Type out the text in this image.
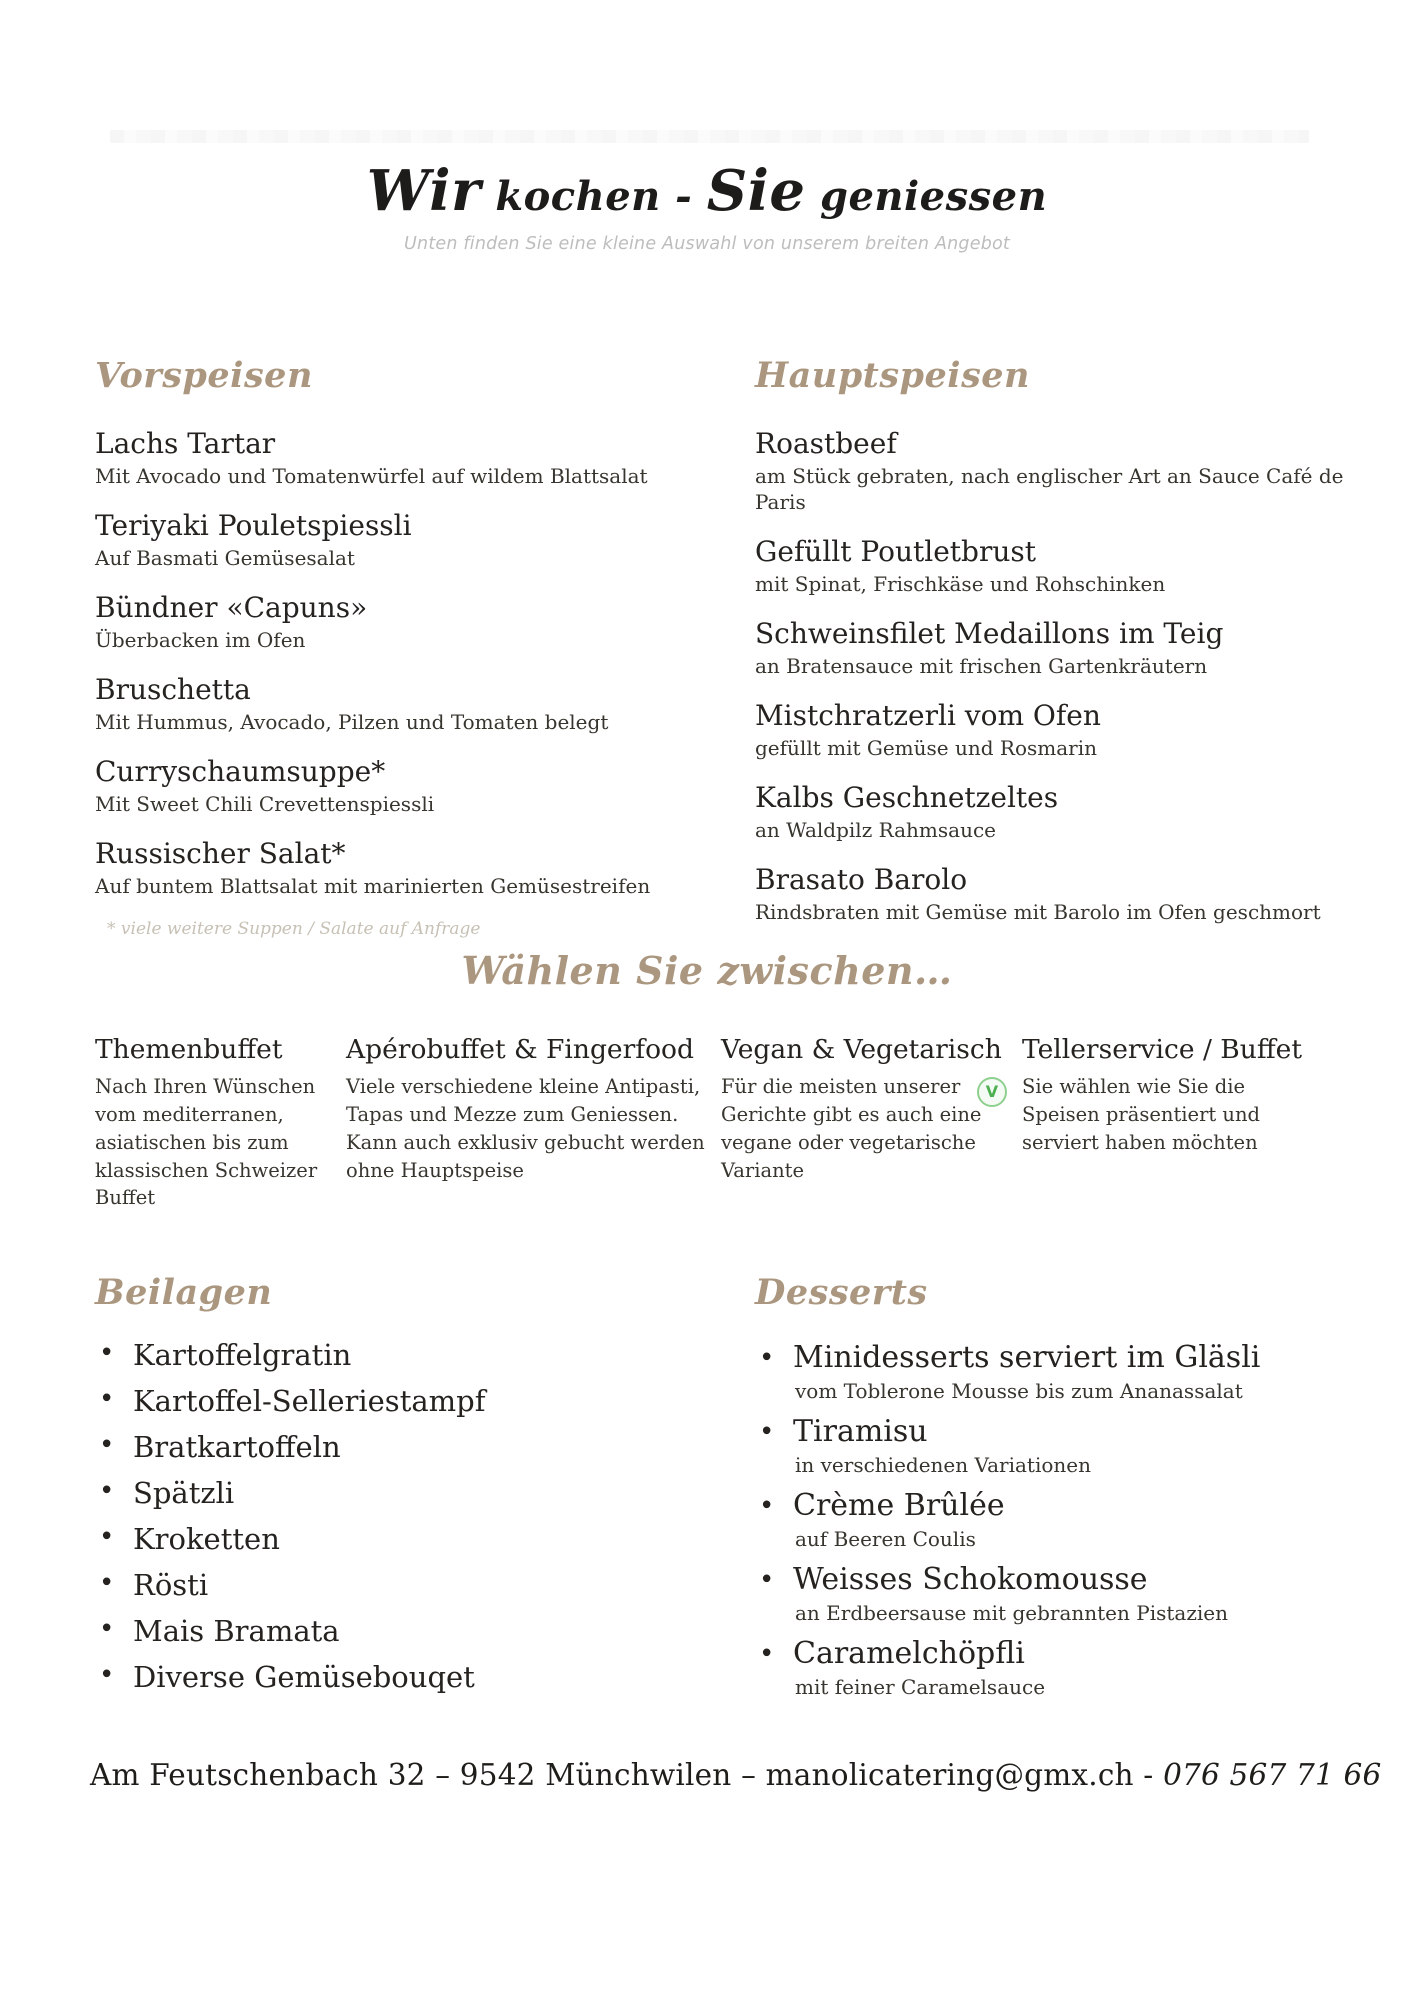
Wir kochen - Sie geniessen
Unten finden Sie eine kleine Auswahl von unserem breiten Angebot
Vorspeisen
Lachs Tartar
Mit Avocado und Tomatenwürfel auf wildem Blattsalat
Teriyaki Pouletspiessli
Auf Basmati Gemüsesalat
Bündner «Capuns»
Überbacken im Ofen
Bruschetta
Mit Hummus, Avocado, Pilzen und Tomaten belegt
Curryschaumsuppe*
Mit Sweet Chili Crevettenspiessli
Russischer Salat*
Auf buntem Blattsalat mit marinierten Gemüsestreifen
* viele weitere Suppen / Salate auf Anfrage
Hauptspeisen
Roastbeef
am Stück gebraten, nach englischer Art an Sauce Café de Paris
Gefüllt Poutletbrust
mit Spinat, Frischkäse und Rohschinken
Schweinsfilet Medaillons im Teig
an Bratensauce mit frischen Gartenkräutern
Mistchratzerli vom Ofen
gefüllt mit Gemüse und Rosmarin
Kalbs Geschnetzeltes
an Waldpilz Rahmsauce
Brasato Barolo
Rindsbraten mit Gemüse mit Barolo im Ofen geschmort
Wählen Sie zwischen…
Themenbuffet
Nach Ihren Wünschen vom mediterranen, asiatischen bis zum klassischen Schweizer Buffet
Apérobuffet & Fingerfood
Viele verschiedene kleine Antipasti, Tapas und Mezze zum Geniessen. Kann auch exklusiv gebucht werden ohne Hauptspeise
Vegan & Vegetarisch
Für die meisten unserer Gerichte gibt es auch eine vegane oder vegetarische Variante
V
Tellerservice / Buffet
Sie wählen wie Sie die Speisen präsentiert und serviert haben möchten
Beilagen
• Kartoffelgratin
• Kartoffel-Selleriestampf
• Bratkartoffeln
• Spätzli
• Kroketten
• Rösti
• Mais Bramata
• Diverse Gemüsebouqet
Desserts
• Minidesserts serviert im Gläsli
vom Toblerone Mousse bis zum Ananassalat
• Tiramisu
in verschiedenen Variationen
• Crème Brûlée
auf Beeren Coulis
• Weisses Schokomousse
an Erdbeersause mit gebrannten Pistazien
• Caramelchöpfli
mit feiner Caramelsauce
Am Feutschenbach 32 – 9542 Münchwilen – manolicatering@gmx.ch - 076 567 71 66
